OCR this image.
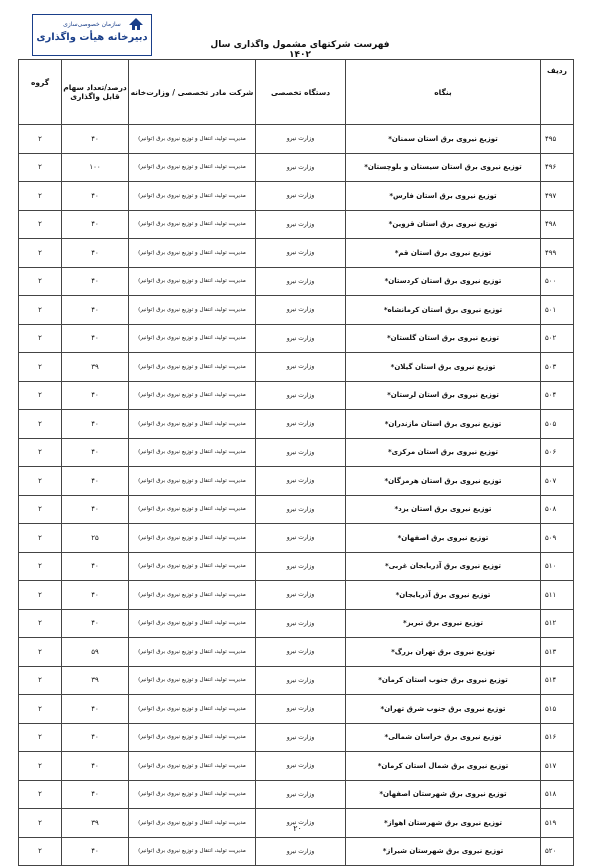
سازمان خصوصی‌سازی
دبیرخانه هیأت واگذاری
فهرست شرکتهای مشمول واگذاری سال ۱۴۰۲
ردیف	بنگاه	دستگاه تخصصی	شرکت مادر تخصصی / وزارت‌خانه	درصد/تعداد سهام قابل واگذاری	گروه
۴۹۵	توزیع نیروی برق استان سمنان*	وزارت نیرو	مدیریت تولید، انتقال و توزیع نیروی برق (توانیر)	۴۰	۲
۴۹۶	توزیع نیروی برق استان سیستان و بلوچستان*	وزارت نیرو	مدیریت تولید، انتقال و توزیع نیروی برق (توانیر)	۱۰۰	۲
۴۹۷	توزیع نیروی برق استان فارس*	وزارت نیرو	مدیریت تولید، انتقال و توزیع نیروی برق (توانیر)	۴۰	۲
۴۹۸	توزیع نیروی برق استان قزوین*	وزارت نیرو	مدیریت تولید، انتقال و توزیع نیروی برق (توانیر)	۴۰	۲
۴۹۹	توزیع نیروی برق استان قم*	وزارت نیرو	مدیریت تولید، انتقال و توزیع نیروی برق (توانیر)	۴۰	۲
۵۰۰	توزیع نیروی برق استان کردستان*	وزارت نیرو	مدیریت تولید، انتقال و توزیع نیروی برق (توانیر)	۴۰	۲
۵۰۱	توزیع نیروی برق استان کرمانشاه*	وزارت نیرو	مدیریت تولید، انتقال و توزیع نیروی برق (توانیر)	۴۰	۲
۵۰۲	توزیع نیروی برق استان گلستان*	وزارت نیرو	مدیریت تولید، انتقال و توزیع نیروی برق (توانیر)	۴۰	۲
۵۰۳	توزیع نیروی برق استان گیلان*	وزارت نیرو	مدیریت تولید، انتقال و توزیع نیروی برق (توانیر)	۳۹	۲
۵۰۴	توزیع نیروی برق استان لرستان*	وزارت نیرو	مدیریت تولید، انتقال و توزیع نیروی برق (توانیر)	۴۰	۲
۵۰۵	توزیع نیروی برق استان مازندران*	وزارت نیرو	مدیریت تولید، انتقال و توزیع نیروی برق (توانیر)	۴۰	۲
۵۰۶	توزیع نیروی برق استان مرکزی*	وزارت نیرو	مدیریت تولید، انتقال و توزیع نیروی برق (توانیر)	۴۰	۲
۵۰۷	توزیع نیروی برق استان هرمزگان*	وزارت نیرو	مدیریت تولید، انتقال و توزیع نیروی برق (توانیر)	۴۰	۲
۵۰۸	توزیع نیروی برق استان یزد*	وزارت نیرو	مدیریت تولید، انتقال و توزیع نیروی برق (توانیر)	۴۰	۲
۵۰۹	توزیع نیروی برق اصفهان*	وزارت نیرو	مدیریت تولید، انتقال و توزیع نیروی برق (توانیر)	۲۵	۲
۵۱۰	توزیع نیروی برق آذربایجان غربی*	وزارت نیرو	مدیریت تولید، انتقال و توزیع نیروی برق (توانیر)	۴۰	۲
۵۱۱	توزیع نیروی برق آذربایجان*	وزارت نیرو	مدیریت تولید، انتقال و توزیع نیروی برق (توانیر)	۴۰	۲
۵۱۲	توزیع نیروی برق تبریز*	وزارت نیرو	مدیریت تولید، انتقال و توزیع نیروی برق (توانیر)	۴۰	۲
۵۱۳	توزیع نیروی برق تهران بزرگ*	وزارت نیرو	مدیریت تولید، انتقال و توزیع نیروی برق (توانیر)	۵۹	۲
۵۱۴	توزیع نیروی برق جنوب استان کرمان*	وزارت نیرو	مدیریت تولید، انتقال و توزیع نیروی برق (توانیر)	۳۹	۲
۵۱۵	توزیع نیروی برق جنوب شرق تهران*	وزارت نیرو	مدیریت تولید، انتقال و توزیع نیروی برق (توانیر)	۴۰	۲
۵۱۶	توزیع نیروی برق خراسان شمالی*	وزارت نیرو	مدیریت تولید، انتقال و توزیع نیروی برق (توانیر)	۴۰	۲
۵۱۷	توزیع نیروی برق شمال استان کرمان*	وزارت نیرو	مدیریت تولید، انتقال و توزیع نیروی برق (توانیر)	۴۰	۲
۵۱۸	توزیع نیروی برق شهرستان اصفهان*	وزارت نیرو	مدیریت تولید، انتقال و توزیع نیروی برق (توانیر)	۴۰	۲
۵۱۹	توزیع نیروی برق شهرستان اهواز*	وزارت نیرو	مدیریت تولید، انتقال و توزیع نیروی برق (توانیر)	۳۹	۲
۵۲۰	توزیع نیروی برق شهرستان شیراز*	وزارت نیرو	مدیریت تولید، انتقال و توزیع نیروی برق (توانیر)	۴۰	۲
۲۰
